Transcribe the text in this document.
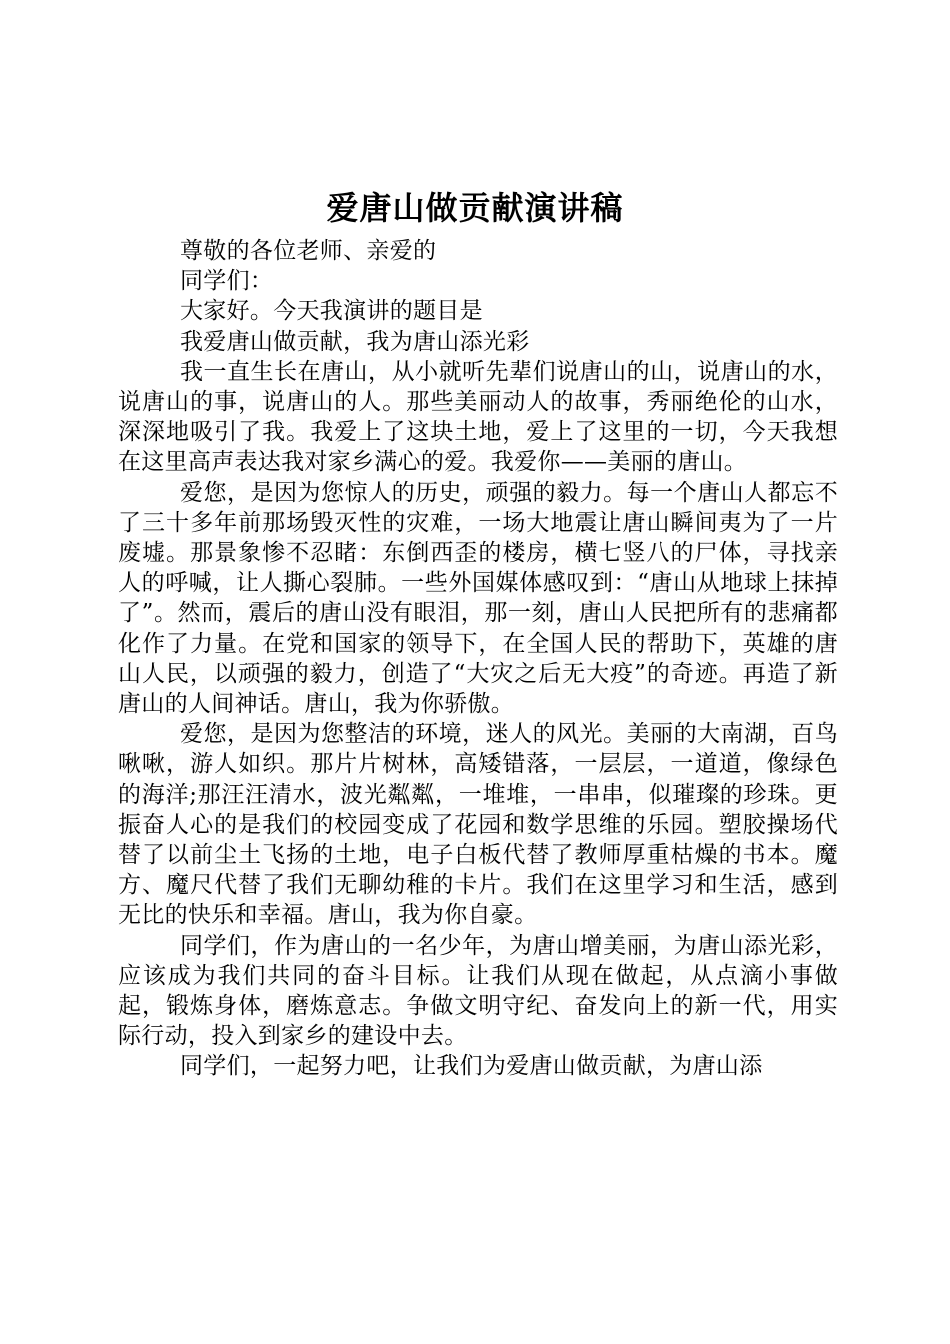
爱唐山做贡献演讲稿

尊敬的各位老师、亲爱的

同学们：

大家好。今天我演讲的题目是

我爱唐山做贡献，我为唐山添光彩

我一直生长在唐山，从小就听先辈们说唐山的山，说唐山的水，说唐山的事，说唐山的人。那些美丽动人的故事，秀丽绝伦的山水，深深地吸引了我。我爱上了这块土地，爱上了这里的一切，今天我想在这里高声表达我对家乡满心的爱。我爱你——美丽的唐山。

爱您，是因为您惊人的历史，顽强的毅力。每一个唐山人都忘不了三十多年前那场毁灭性的灾难，一场大地震让唐山瞬间夷为了一片废墟。那景象惨不忍睹：东倒西歪的楼房，横七竖八的尸体，寻找亲人的呼喊，让人撕心裂肺。一些外国媒体感叹到：“唐山从地球上抹掉了”。然而，震后的唐山没有眼泪，那一刻，唐山人民把所有的悲痛都化作了力量。在党和国家的领导下，在全国人民的帮助下，英雄的唐山人民，以顽强的毅力，创造了“大灾之后无大疫”的奇迹。再造了新唐山的人间神话。唐山，我为你骄傲。

爱您，是因为您整洁的环境，迷人的风光。美丽的大南湖，百鸟啾啾，游人如织。那片片树林，高矮错落，一层层，一道道，像绿色的海洋;那汪汪清水，波光粼粼，一堆堆，一串串，似璀璨的珍珠。更振奋人心的是我们的校园变成了花园和数学思维的乐园。塑胶操场代替了以前尘土飞扬的土地，电子白板代替了教师厚重枯燥的书本。魔方、魔尺代替了我们无聊幼稚的卡片。我们在这里学习和生活，感到无比的快乐和幸福。唐山，我为你自豪。

同学们，作为唐山的一名少年，为唐山增美丽，为唐山添光彩，应该成为我们共同的奋斗目标。让我们从现在做起，从点滴小事做起，锻炼身体，磨炼意志。争做文明守纪、奋发向上的新一代，用实际行动，投入到家乡的建设中去。

同学们，一起努力吧，让我们为爱唐山做贡献，为唐山添
